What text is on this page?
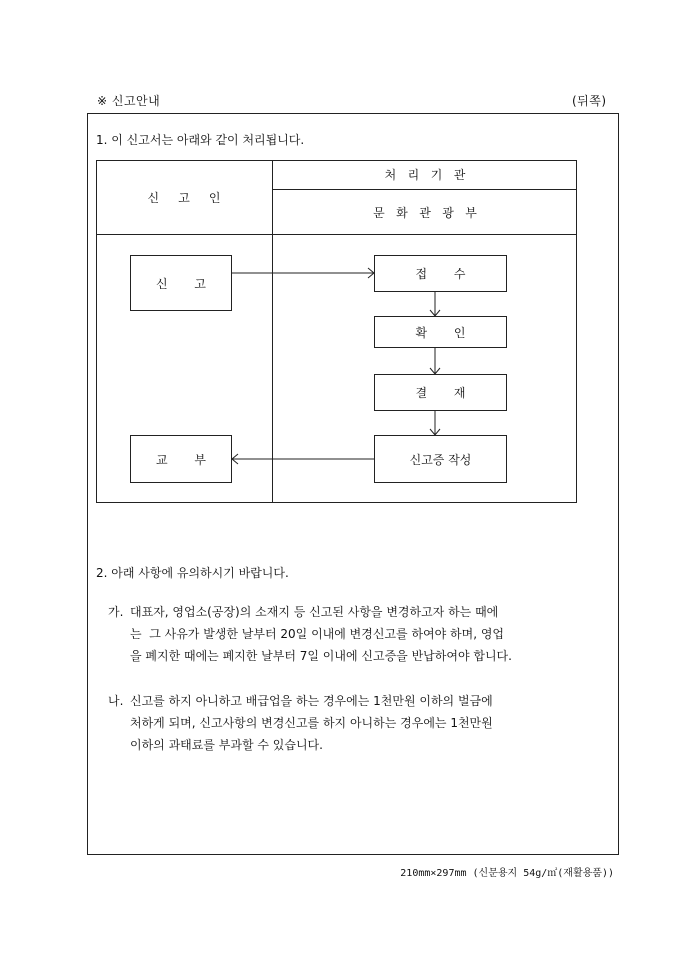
※ 신고안내	(뒤쪽)
1. 이 신고서는 아래와 같이 처리됩니다.
신     고     인
처   리   기   관
문   화   관   광   부
신       고
교       부
접       수
확       인
결       재
신고증 작성
2. 아래 사항에 유의하시기 바랍니다.
가. 대표자, 영업소(공장)의 소재지 등 신고된 사항을 변경하고자 하는 때에
는  그 사유가 발생한 날부터 20일 이내에 변경신고를 하여야 하며, 영업
을 폐지한 때에는 폐지한 날부터 7일 이내에 신고증을 반납하여야 합니다.
나. 신고를 하지 아니하고 배급업을 하는 경우에는 1천만원 이하의 벌금에
처하게 되며, 신고사항의 변경신고를 하지 아니하는 경우에는 1천만원
이하의 과태료를 부과할 수 있습니다.
210mm×297mm (신문용지 54g/㎡(재활용품))
